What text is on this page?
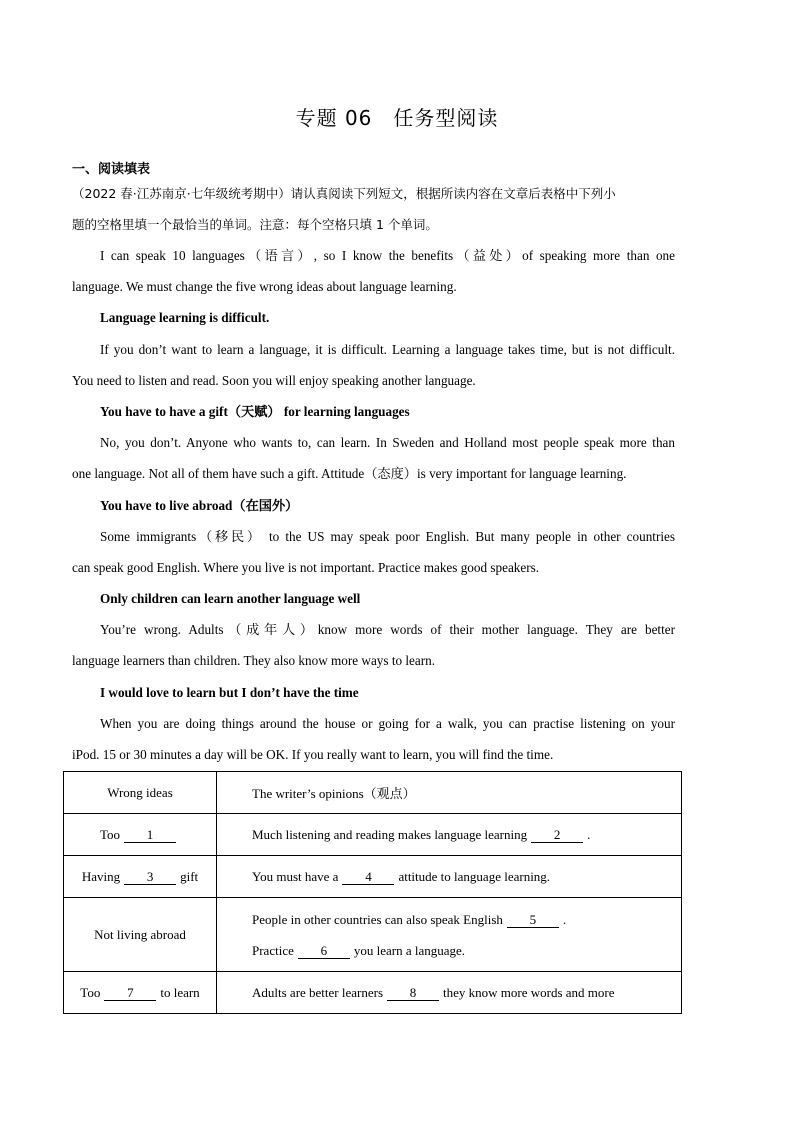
专题 06　任务型阅读
一、阅读填表
（2022 春·江苏南京·七年级统考期中）请认真阅读下列短文，根据所读内容在文章后表格中下列小
题的空格里填一个最恰当的单词。注意：每个空格只填 1 个单词。
I can speak 10 languages（语言）, so I know the benefits（益处）of speaking more than one
language. We must change the five wrong ideas about language learning.
Language learning is difficult.
If you don’t want to learn a language, it is difficult. Learning a language takes time, but is not difficult.
You need to listen and read. Soon you will enjoy speaking another language.
You have to have a gift（天赋） for learning languages
No, you don’t. Anyone who wants to, can learn. In Sweden and Holland most people speak more than
one language. Not all of them have such a gift. Attitude（态度）is very important for language learning.
You have to live abroad（在国外）
Some immigrants（移民） to the US may speak poor English. But many people in other countries
can speak good English. Where you live is not important. Practice makes good speakers.
Only children can learn another language well
You’re wrong. Adults（成年人）know more words of their mother language. They are better
language learners than children. They also know more ways to learn.
I would love to learn but I don’t have the time
When you are doing things around the house or going for a walk, you can practise listening on your
iPod. 15 or 30 minutes a day will be OK. If you really want to learn, you will find the time.
Wrong ideas	The writer’s opinions（观点）
Too 1	Much listening and reading makes language learning 2 .
Having 3 gift	You must have a 4 attitude to language learning.
Not living abroad	People in other countries can also speak English 5 .
Practice 6 you learn a language.

Too 7 to learn	Adults are better learners 8 they know more words and more
